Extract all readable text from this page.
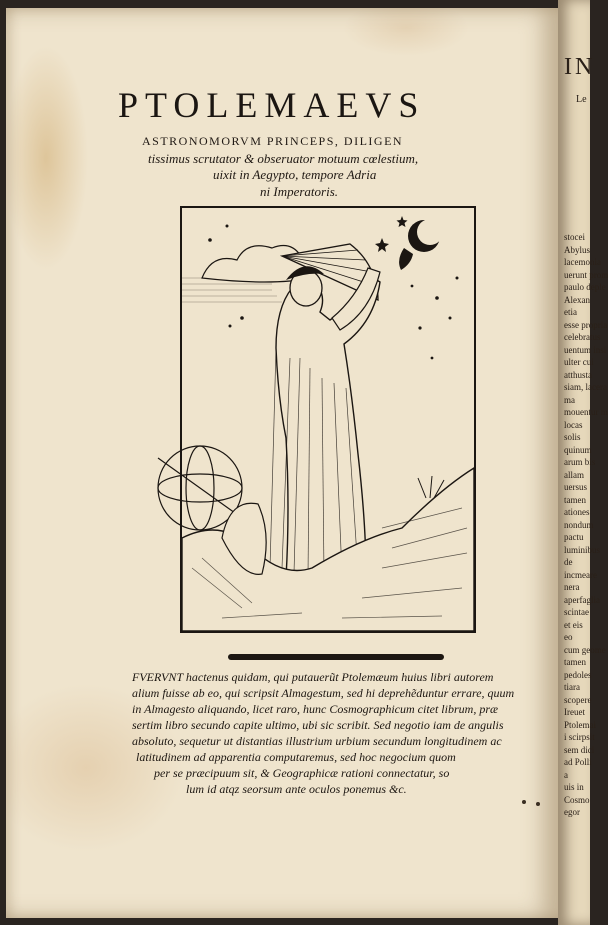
PTOLEMAEVS
ASTRONOMORVM PRINCEPS, DILIGEN
tissimus scrutator & obseruator motuum cœlestium,
uixit in Aegypto, tempore Adria
ni Imperatoris.
FVERVNT hactenus quidam, qui putauerũt Ptolemæum huius libri autorem
alium fuisse ab eo, qui scripsit Almagestum, sed hi deprehẽduntur errare, quum
in Almagesto aliquando, licet raro, hunc Cosmographicum citet librum, præ
sertim libro secundo capite ultimo, ubi sic scribit. Sed negotio iam de angulis
absoluto, sequetur ut distantias illustrium urbium secundum longitudinem ac
latitudinem ad apparentia computaremus, sed hoc negocium quom
per se præcipuum sit, & Geographicæ rationi connectatur, so
lum id atqz seorsum ante oculos ponemus &c.
IN
Le
stocei
Abylus
lacemonia
uerunt prom
paulo deple
Alexan
etia
esse propria
celebratus
uentum insi
ulter cui
atthusta
siam, lacera
ma
mouentur m
locas
solis
quinum
arum bis
allam
uersus
tamen
ationes
nondum
pactu
luminibus
de
incmeare
nera
aperfaglia
scintae
et eis
eo
cum geome
tamen
pedoles
tiara
scopere
Ireuet
Ptolemai
i scirpsit
sem dici
ad Polli
a
uis in
Cosmo
egor
